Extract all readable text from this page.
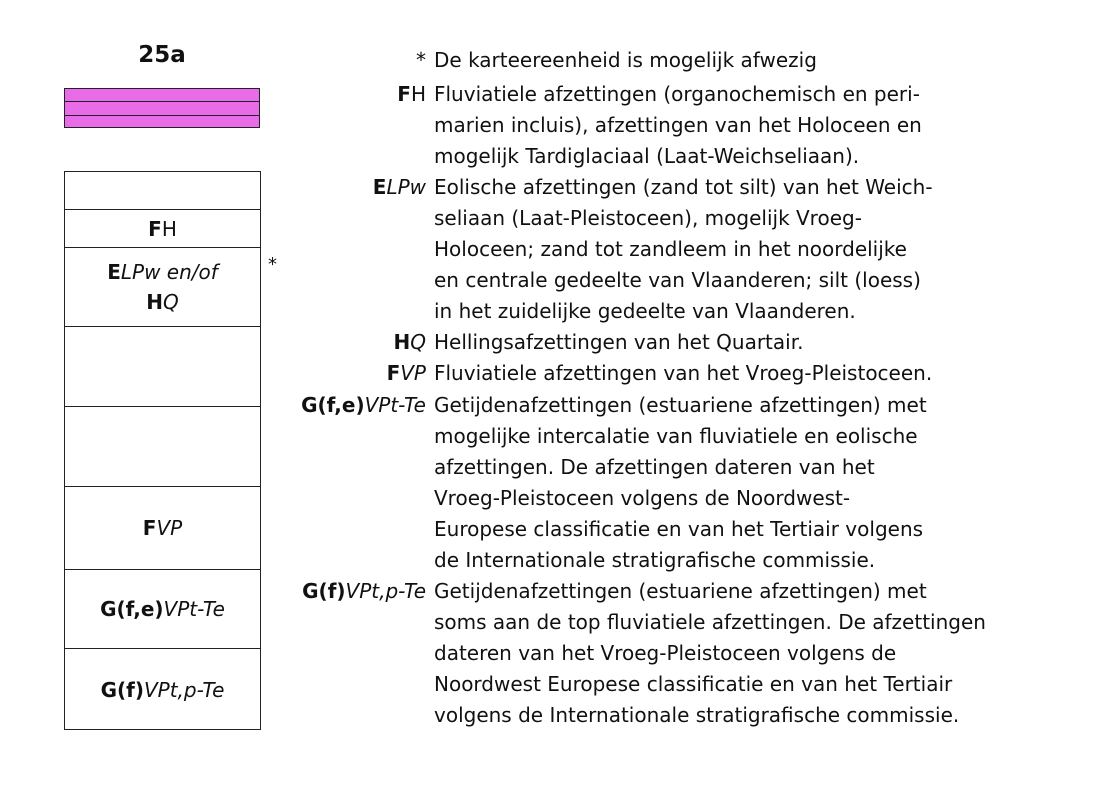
25a
FH
ELPw en/of
HQ
FVP
G(f,e)VPt-Te
G(f)VPt,p-Te
*
* De karteereenheid is mogelijk afwezig
FH Fluviatiele afzettingen (organochemisch en peri-
marien incluis), afzettingen van het Holoceen en
mogelijk Tardiglaciaal (Laat-Weichseliaan).
ELPw Eolische afzettingen (zand tot silt) van het Weich-
seliaan (Laat-Pleistoceen), mogelijk Vroeg-
Holoceen; zand tot zandleem in het noordelijke
en centrale gedeelte van Vlaanderen; silt (loess)
in het zuidelijke gedeelte van Vlaanderen.
HQ Hellingsafzettingen van het Quartair.
FVP Fluviatiele afzettingen van het Vroeg-Pleistoceen.
G(f,e)VPt-Te Getijdenafzettingen (estuariene afzettingen) met
mogelijke intercalatie van fluviatiele en eolische
afzettingen. De afzettingen dateren van het
Vroeg-Pleistoceen volgens de Noordwest-
Europese classificatie en van het Tertiair volgens
de Internationale stratigrafische commissie.
G(f)VPt,p-Te Getijdenafzettingen (estuariene afzettingen) met
soms aan de top fluviatiele afzettingen. De afzettingen
dateren van het Vroeg-Pleistoceen volgens de
Noordwest Europese classificatie en van het Tertiair
volgens de Internationale stratigrafische commissie.
